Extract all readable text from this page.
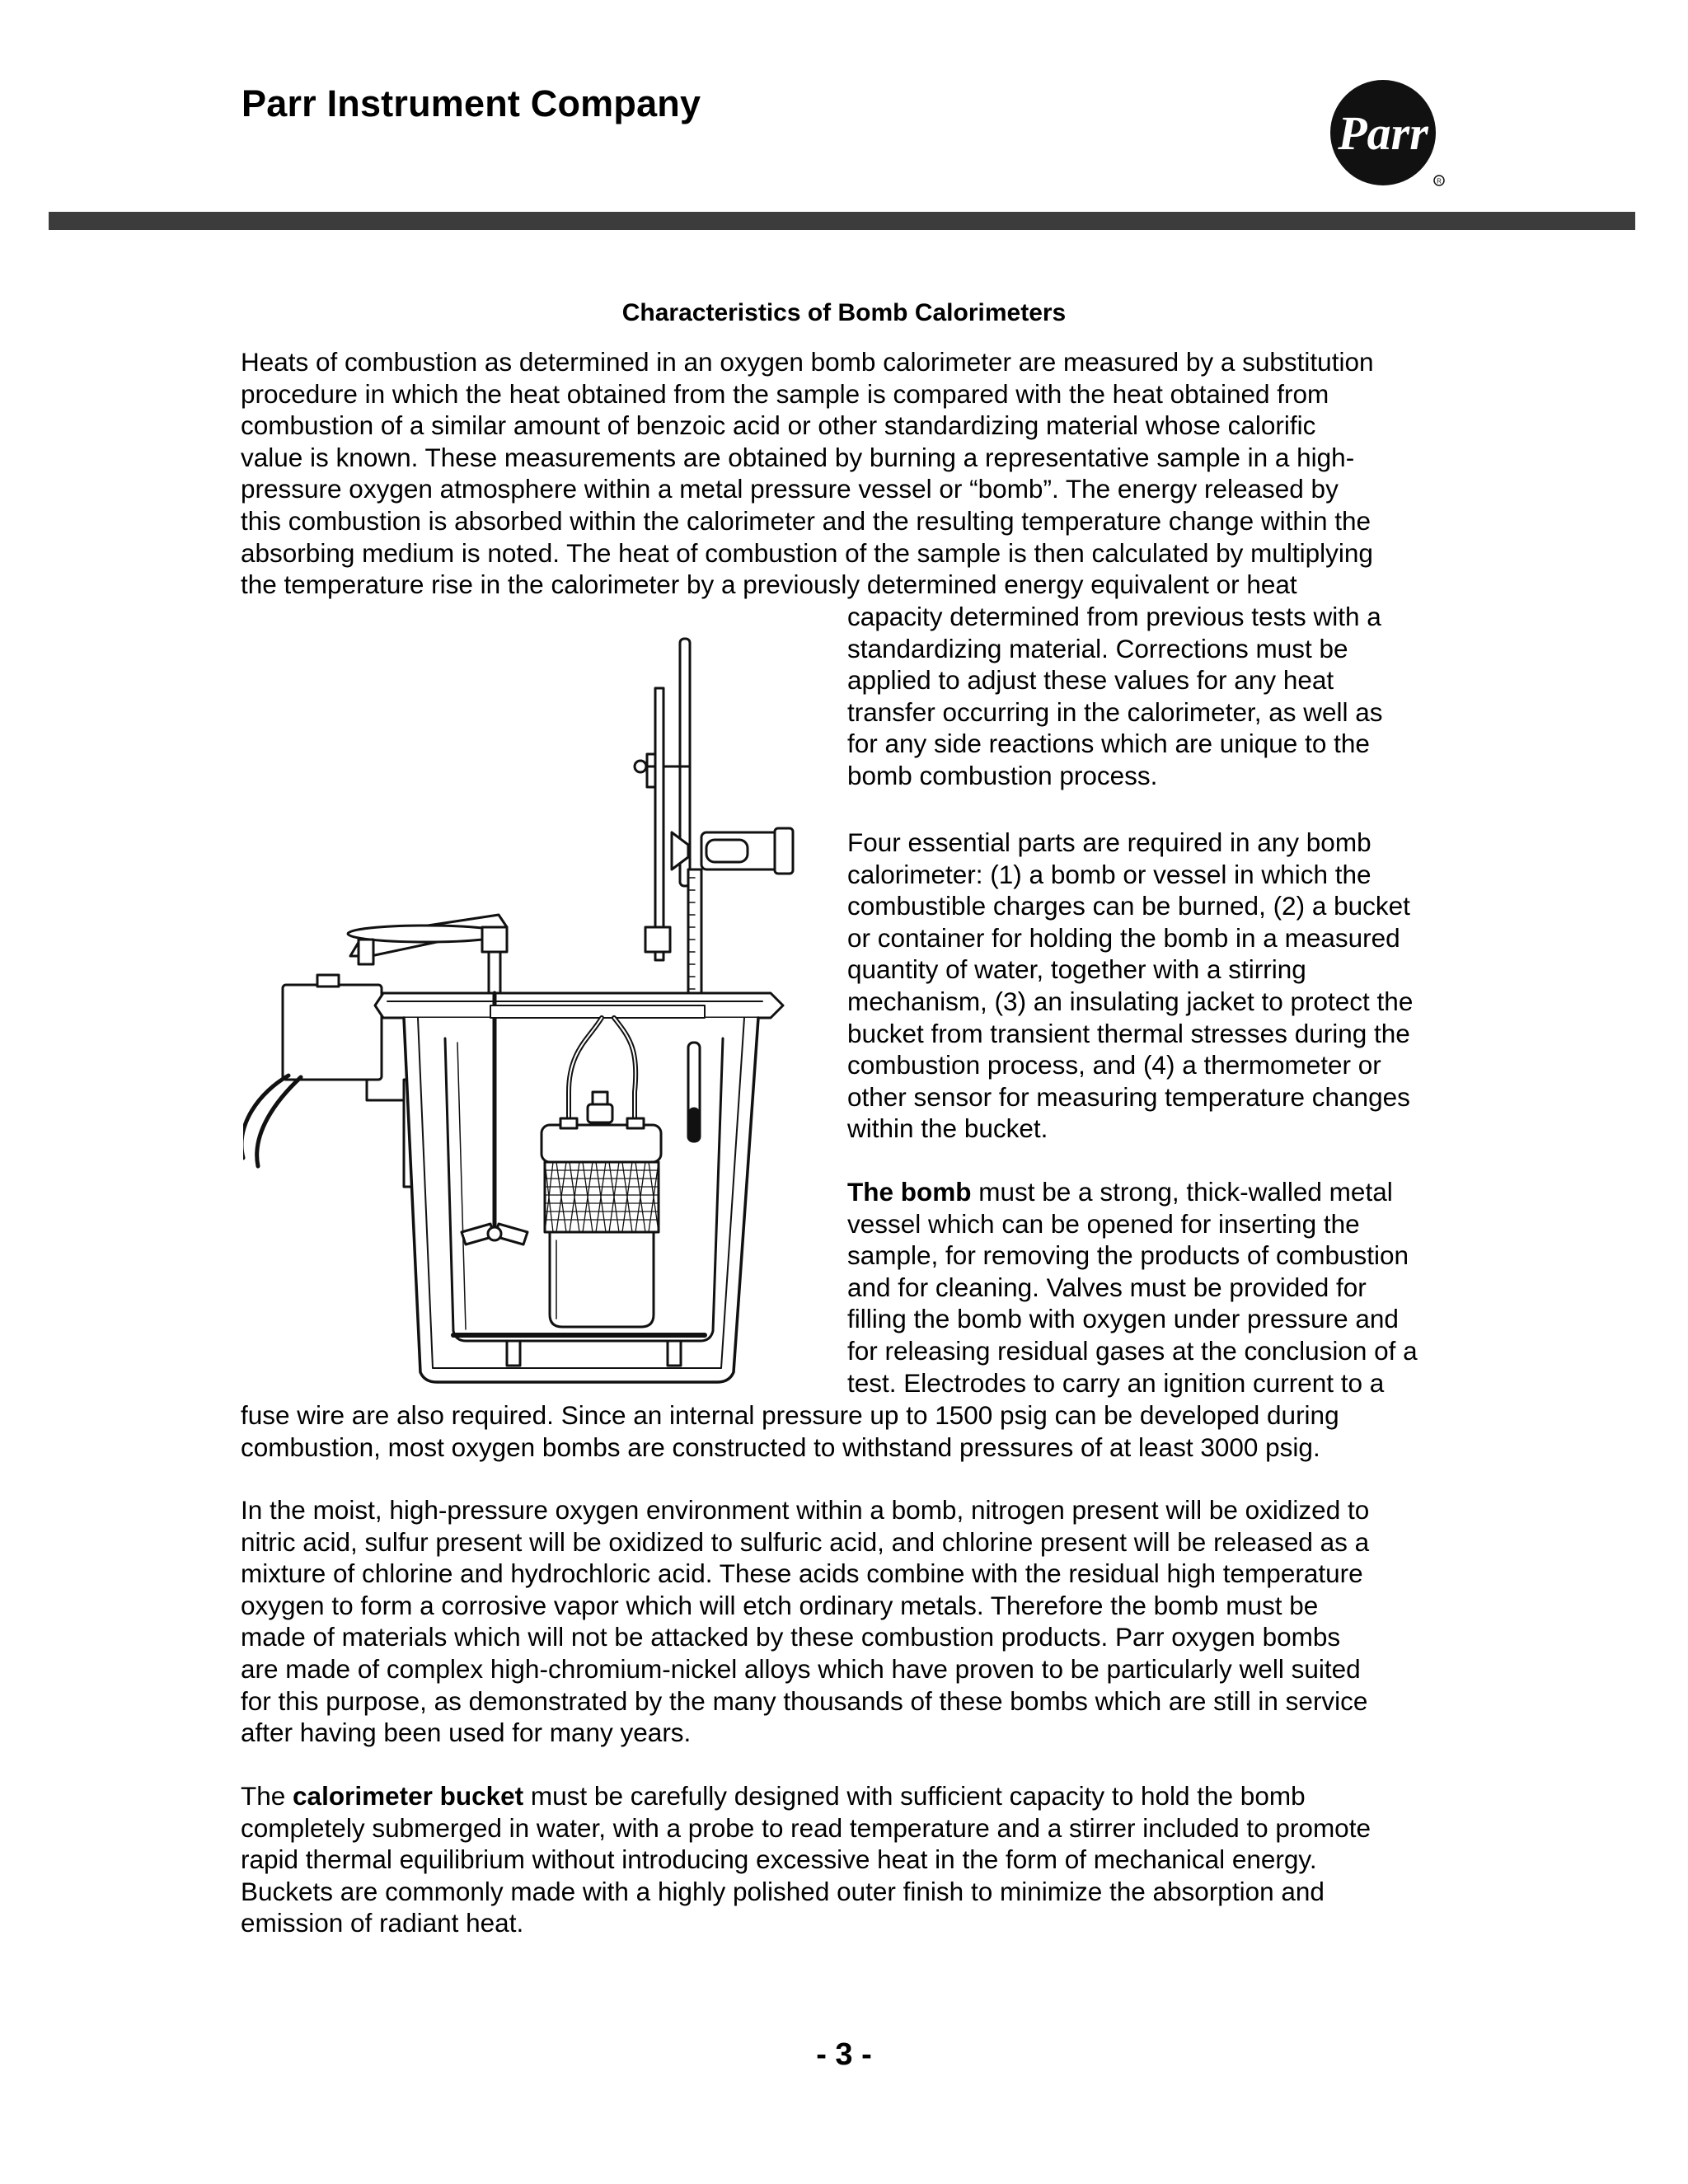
Parr Instrument Company
Parr
R
Characteristics of Bomb Calorimeters
Heats of combustion as determined in an oxygen bomb calorimeter are measured by a substitution
procedure in which the heat obtained from the sample is compared with the heat obtained from
combustion of a similar amount of benzoic acid or other standardizing material whose calorific
value is known. These measurements are obtained by burning a representative sample in a high-
pressure oxygen atmosphere within a metal pressure vessel or “bomb”. The energy released by
this combustion is absorbed within the calorimeter and the resulting temperature change within the
absorbing medium is noted. The heat of combustion of the sample is then calculated by multiplying
the temperature rise in the calorimeter by a previously determined energy equivalent or heat
capacity determined from previous tests with a
standardizing material. Corrections must be
applied to adjust these values for any heat
transfer occurring in the calorimeter, as well as
for any side reactions which are unique to the
bomb combustion process.
Four essential parts are required in any bomb
calorimeter: (1) a bomb or vessel in which the
combustible charges can be burned, (2) a bucket
or container for holding the bomb in a measured
quantity of water, together with a stirring
mechanism, (3) an insulating jacket to protect the
bucket from transient thermal stresses during the
combustion process, and (4) a thermometer or
other sensor for measuring temperature changes
within the bucket.
The bomb must be a strong, thick-walled metal
vessel which can be opened for inserting the
sample, for removing the products of combustion
and for cleaning. Valves must be provided for
filling the bomb with oxygen under pressure and
for releasing residual gases at the conclusion of a
test. Electrodes to carry an ignition current to a
fuse wire are also required. Since an internal pressure up to 1500 psig can be developed during
combustion, most oxygen bombs are constructed to withstand pressures of at least 3000 psig.
In the moist, high-pressure oxygen environment within a bomb, nitrogen present will be oxidized to
nitric acid, sulfur present will be oxidized to sulfuric acid, and chlorine present will be released as a
mixture of chlorine and hydrochloric acid. These acids combine with the residual high temperature
oxygen to form a corrosive vapor which will etch ordinary metals. Therefore the bomb must be
made of materials which will not be attacked by these combustion products. Parr oxygen bombs
are made of complex high-chromium-nickel alloys which have proven to be particularly well suited
for this purpose, as demonstrated by the many thousands of these bombs which are still in service
after having been used for many years.
The calorimeter bucket must be carefully designed with sufficient capacity to hold the bomb
completely submerged in water, with a probe to read temperature and a stirrer included to promote
rapid thermal equilibrium without introducing excessive heat in the form of mechanical energy.
Buckets are commonly made with a highly polished outer finish to minimize the absorption and
emission of radiant heat.
- 3 -
